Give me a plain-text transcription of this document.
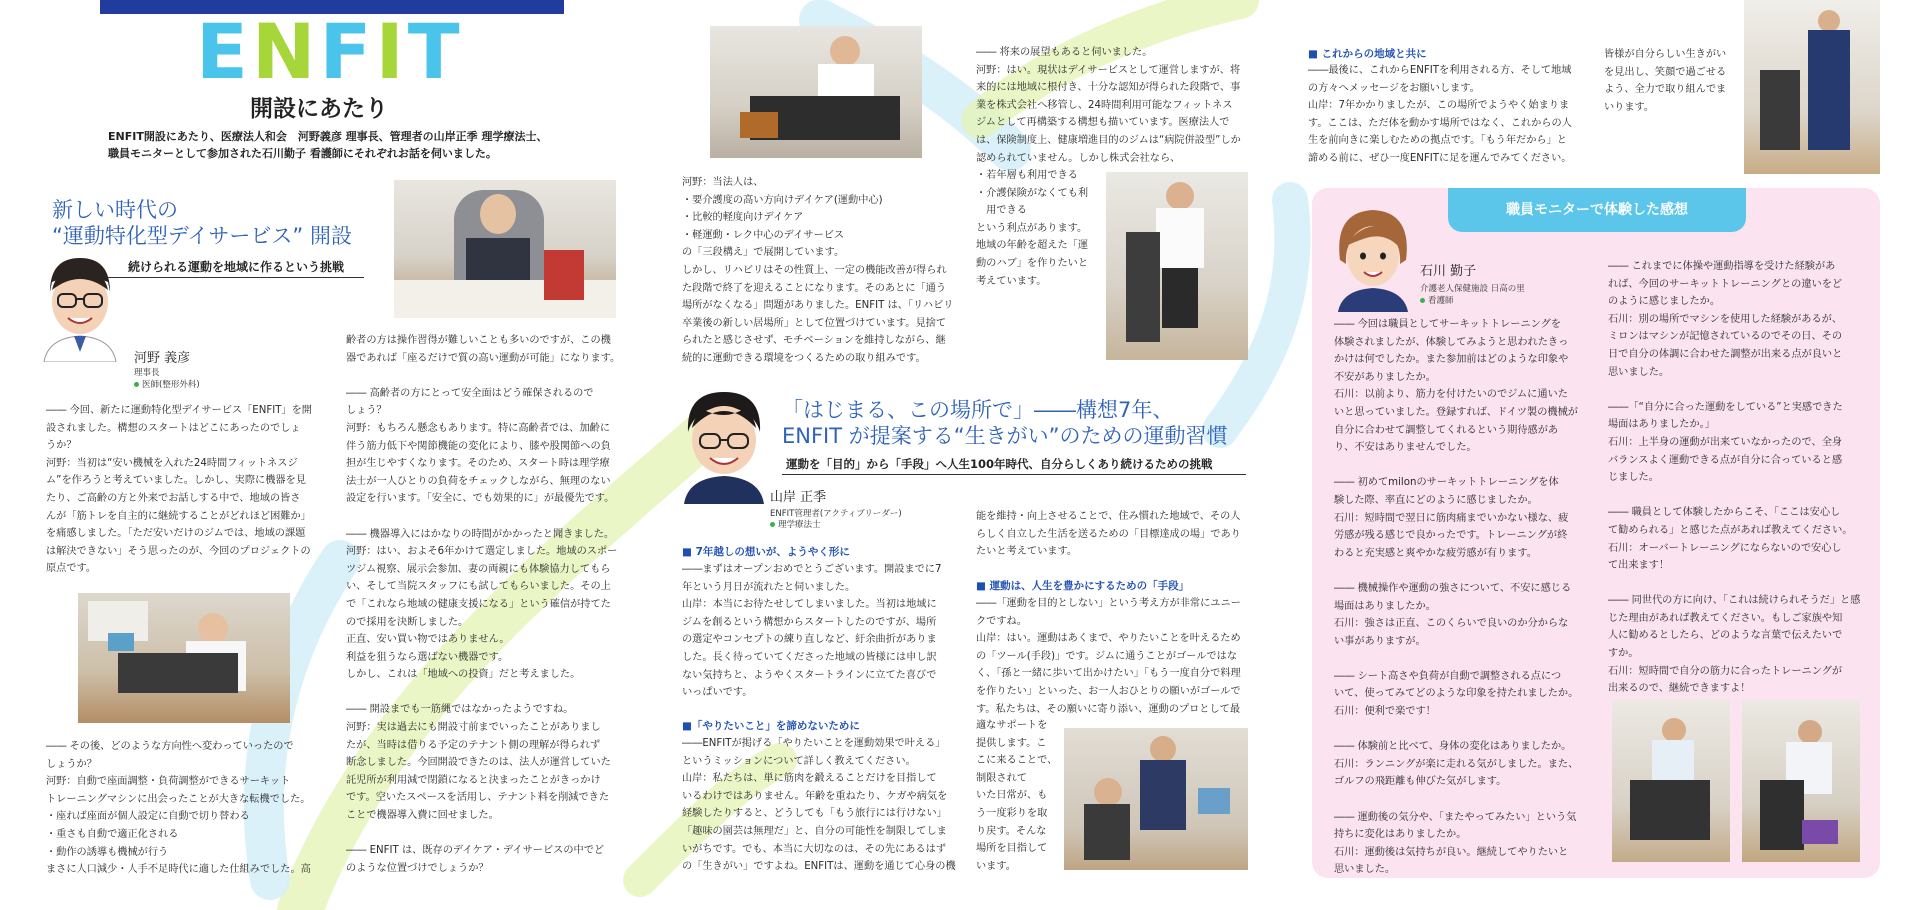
ENFIT
開設にあたり
ENFIT開設にあたり、医療法人和会　河野義彦 理事長、管理者の山岸正季 理学療法士、
職員モニターとして参加された石川勤子 看護師にそれぞれお話を伺いました。
新しい時代の
“運動特化型デイサービス” 開設
続けられる運動を地域に作るという挑戦
河野 義彦
理事長
医師(整形外科)
―― 今回、新たに運動特化型デイサービス「ENFIT」を開
設されました。構想のスタートはどこにあったのでしょ
うか？
河野：当初は“安い機械を入れた24時間フィットネスジ
ム”を作ろうと考えていました。しかし、実際に機器を見
たり、ご高齢の方と外来でお話しする中で、地域の皆さ
んが「筋トレを自主的に継続することがどれほど困難か」
を痛感しました。「ただ安いだけのジムでは、地域の課題
は解決できない」そう思ったのが、今回のプロジェクトの
原点です。
―― その後、どのような方向性へ変わっていったので
しょうか？
河野：自動で座面調整・負荷調整ができるサーキット
トレーニングマシンに出会ったことが大きな転機でした。
・座れば座面が個人設定に自動で切り替わる
・重さも自動で適正化される
・動作の誘導も機械が行う
まさに人口減少・人手不足時代に適した仕組みでした。高
齢者の方は操作習得が難しいことも多いのですが、この機
器であれば「座るだけで質の高い運動が可能」になります。

―― 高齢者の方にとって安全面はどう確保されるので
しょう？
河野：もちろん懸念もあります。特に高齢者では、加齢に
伴う筋力低下や関節機能の変化により、膝や股関節への負
担が生じやすくなります。そのため、スタート時は理学療
法士が一人ひとりの負荷をチェックしながら、無理のない
設定を行います。「安全に、でも効果的に」が最優先です。

―― 機器導入にはかなりの時間がかかったと聞きました。
河野：はい、およそ6年かけて選定しました。地域のスポー
ツジム視察、展示会参加、妻の両親にも体験協力してもら
い、そして当院スタッフにも試してもらいました。その上
で「これなら地域の健康支援になる」という確信が持てた
ので採用を決断しました。
正直、安い買い物ではありません。
利益を狙うなら選ばない機器です。
しかし、これは「地域への投資」だと考えました。

―― 開設までも一筋縄ではなかったようですね。
河野：実は過去にも開設寸前までいったことがありまし
たが、当時は借りる予定のテナント側の理解が得られず
断念しました。今回開設できたのは、法人が運営していた
託児所が利用減で閉鎖になると決まったことがきっかけ
です。空いたスペースを活用し、テナント料を削減できた
ことで機器導入費に回せました。

―― ENFIT は、既存のデイケア・デイサービスの中でど
のような位置づけでしょうか？
河野：当法人は、
・要介護度の高い方向けデイケア(運動中心)
・比較的軽度向けデイケア
・軽運動・レク中心のデイサービス
の「三段構え」で展開しています。
しかし、リハビリはその性質上、一定の機能改善が得られ
た段階で終了を迎えることになります。そのあとに「通う
場所がなくなる」問題がありました。ENFIT は、「リハビリ
卒業後の新しい居場所」として位置づけています。見捨て
られたと感じさせず、モチベーションを維持しながら、継
続的に運動できる環境をつくるための取り組みです。
―― 将来の展望もあると伺いました。
河野：はい。現状はデイサービスとして運営しますが、将
来的には地域に根付き、十分な認知が得られた段階で、事
業を株式会社へ移管し、24時間利用可能なフィットネス
ジムとして再構築する構想も描いています。医療法人で
は、保険制度上、健康増進目的のジムは“病院併設型”しか
認められていません。しかし株式会社なら、
・若年層も利用できる
・介護保険がなくても利
　用できる
という利点があります。
地域の年齢を超えた「運
動のハブ」を作りたいと
考えています。
「はじまる、この場所で」――構想7年、
ENFIT が提案する“生きがい”のための運動習慣
運動を「目的」から「手段」へ人生100年時代、自分らしくあり続けるための挑戦
山岸 正季
ENFIT管理者(アクティブリーダー)
理学療法士
■ 7年越しの想いが、ようやく形に
――まずはオープンおめでとうございます。開設までに7
年という月日が流れたと伺いました。
山岸：本当にお待たせしてしまいました。当初は地域に
ジムを創るという構想からスタートしたのですが、場所
の選定やコンセプトの練り直しなど、紆余曲折がありま
した。長く待っていてくださった地域の皆様には申し訳
ない気持ちと、ようやくスタートラインに立てた喜びで
いっぱいです。
■「やりたいこと」を諦めないために
――ENFITが掲げる「やりたいことを運動効果で叶える」
というミッションについて詳しく教えてください。
山岸：私たちは、単に筋肉を鍛えることだけを目指して
いるわけではありません。年齢を重ねたり、ケガや病気を
経験したりすると、どうしても「もう旅行には行けない」
「趣味の園芸は無理だ」と、自分の可能性を制限してしま
いがちです。でも、本当に大切なのは、その先にあるはず
の「生きがい」ですよね。ENFITは、運動を通じて心身の機
能を維持・向上させることで、住み慣れた地域で、その人
らしく自立した生活を送るための「目標達成の場」であり
たいと考えています。
■ 運動は、人生を豊かにするための「手段」
――「運動を目的としない」という考え方が非常にユニー
クですね。
山岸：はい。運動はあくまで、やりたいことを叶えるため
の「ツール(手段)」です。ジムに通うことがゴールではな
く、「孫と一緒に歩いて出かけたい」「もう一度自分で料理
を作りたい」といった、お一人おひとりの願いがゴールで
す。私たちは、その願いに寄り添い、運動のプロとして最
適なサポートを
提供します。こ
こに来ることで、
制限されて
いた日常が、も
う一度彩りを取
り戻す。そんな
場所を目指して
います。
■ これからの地域と共に
――最後に、これからENFITを利用される方、そして地域
の方々へメッセージをお願いします。
山岸：7年かかりましたが、この場所でようやく始まりま
す。ここは、ただ体を動かす場所ではなく、これからの人
生を前向きに楽しむための拠点です。「もう年だから」と
諦める前に、ぜひ一度ENFITに足を運んでみてください。
皆様が自分らしい生きがい
を見出し、笑顔で過ごせる
よう、全力で取り組んでま
いります。
職員モニターで体験した感想
石川 勤子
介護老人保健施設 日高の里
看護師
―― 今回は職員としてサーキットトレーニングを
体験されましたが、体験してみようと思われたきっ
かけは何でしたか。また参加前はどのような印象や
不安がありましたか。
石川：以前より、筋力を付けたいのでジムに通いた
いと思っていました。登録すれば、ドイツ製の機械が
自分に合わせて調整してくれるという期待感があ
り、不安はありませんでした。

―― 初めてmilonのサーキットトレーニングを体
験した際、率直にどのように感じましたか。
石川：短時間で翌日に筋肉痛までいかない様な、疲
労感が残る感じで良かったです。トレーニングが終
わると充実感と爽やかな疲労感が有ります。

―― 機械操作や運動の強さについて、不安に感じる
場面はありましたか。
石川：強さは正直、このくらいで良いのか分からな
い事がありますが。

―― シート高さや負荷が自動で調整される点につ
いて、使ってみてどのような印象を持たれましたか。
石川：便利で楽です！

―― 体験前と比べて、身体の変化はありましたか。
石川：ランニングが楽に走れる気がしました。また、
ゴルフの飛距離も伸びた気がします。

―― 運動後の気分や、「またやってみたい」という気
持ちに変化はありましたか。
石川：運動後は気持ちが良い。継続してやりたいと
思いました。
―― これまでに体操や運動指導を受けた経験があ
れば、今回のサーキットトレーニングとの違いをど
のように感じましたか。
石川：別の場所でマシンを使用した経験があるが、
ミロンはマシンが記憶されているのでその日、その
日で自分の体調に合わせた調整が出来る点が良いと
思いました。

――「“自分に合った運動をしている”と実感できた
場面はありましたか。」
石川：上半身の運動が出来ていなかったので、全身
バランスよく運動できる点が自分に合っていると感
じました。

―― 職員として体験したからこそ、「ここは安心し
て勧められる」と感じた点があれば教えてください。
石川：オーバートレーニングにならないので安心し
て出来ます！

―― 同世代の方に向け、「これは続けられそうだ」と感
じた理由があれば教えてください。もしご家族や知
人に勧めるとしたら、どのような言葉で伝えたいで
すか。
石川：短時間で自分の筋力に合ったトレーニングが
出来るので、継続できますよ！
